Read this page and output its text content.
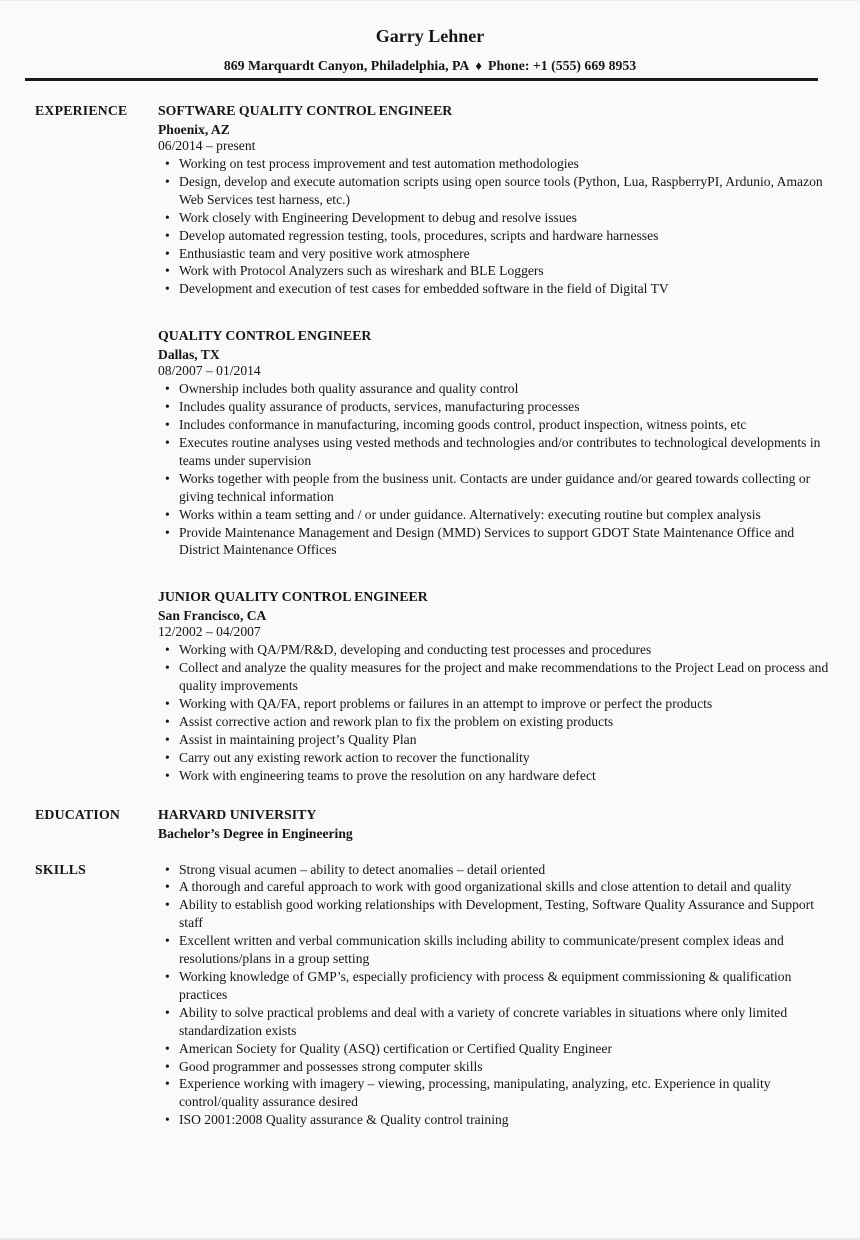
Garry Lehner
869 Marquardt Canyon, Philadelphia, PA ♦ Phone: +1 (555) 669 8953
EXPERIENCE	SOFTWARE QUALITY CONTROL ENGINEER
Phoenix, AZ
06/2014 – present
• Working on test process improvement and test automation methodologies
• Design, develop and execute automation scripts using open source tools (Python, Lua, RaspberryPI, Ardunio, Amazon Web Services test harness, etc.)
• Work closely with Engineering Development to debug and resolve issues
• Develop automated regression testing, tools, procedures, scripts and hardware harnesses
• Enthusiastic team and very positive work atmosphere
• Work with Protocol Analyzers such as wireshark and BLE Loggers
• Development and execution of test cases for embedded software in the field of Digital TV
QUALITY CONTROL ENGINEER
Dallas, TX
08/2007 – 01/2014
• Ownership includes both quality assurance and quality control
• Includes quality assurance of products, services, manufacturing processes
• Includes conformance in manufacturing, incoming goods control, product inspection, witness points, etc
• Executes routine analyses using vested methods and technologies and/or contributes to technological developments in teams under supervision
• Works together with people from the business unit. Contacts are under guidance and/or geared towards collecting or giving technical information
• Works within a team setting and / or under guidance. Alternatively: executing routine but complex analysis
• Provide Maintenance Management and Design (MMD) Services to support GDOT State Maintenance Office and District Maintenance Offices
JUNIOR QUALITY CONTROL ENGINEER
San Francisco, CA
12/2002 – 04/2007
• Working with QA/PM/R&D, developing and conducting test processes and procedures
• Collect and analyze the quality measures for the project and make recommendations to the Project Lead on process and quality improvements
• Working with QA/FA, report problems or failures in an attempt to improve or perfect the products
• Assist corrective action and rework plan to fix the problem on existing products
• Assist in maintaining project’s Quality Plan
• Carry out any existing rework action to recover the functionality
• Work with engineering teams to prove the resolution on any hardware defect
EDUCATION	HARVARD UNIVERSITY
Bachelor’s Degree in Engineering
SKILLS	• Strong visual acumen – ability to detect anomalies – detail oriented
• A thorough and careful approach to work with good organizational skills and close attention to detail and quality
• Ability to establish good working relationships with Development, Testing, Software Quality Assurance and Support staff
• Excellent written and verbal communication skills including ability to communicate/present complex ideas and resolutions/plans in a group setting
• Working knowledge of GMP’s, especially proficiency with process & equipment commissioning & qualification practices
• Ability to solve practical problems and deal with a variety of concrete variables in situations where only limited standardization exists
• American Society for Quality (ASQ) certification or Certified Quality Engineer
• Good programmer and possesses strong computer skills
• Experience working with imagery – viewing, processing, manipulating, analyzing, etc. Experience in quality control/quality assurance desired
• ISO 2001:2008 Quality assurance & Quality control training
